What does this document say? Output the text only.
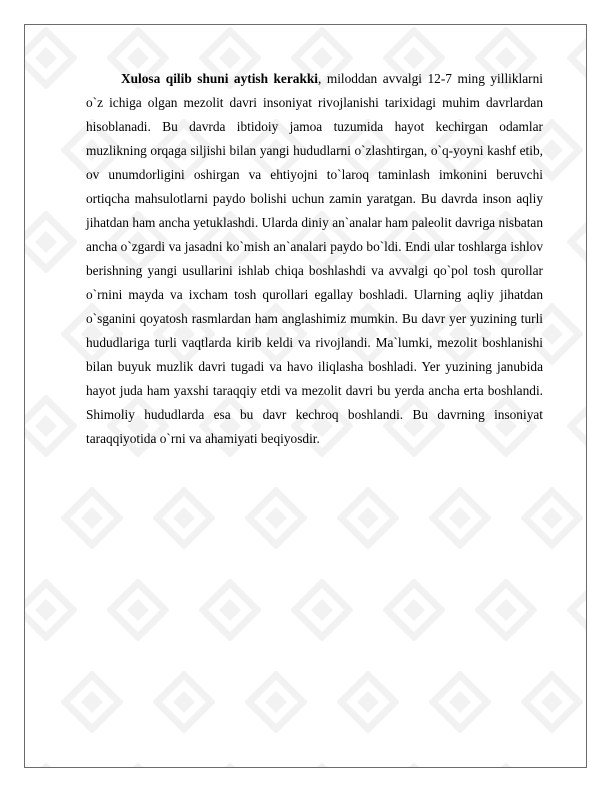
Xulosa qilib shuni aytish kerakki, miloddan avvalgi 12-7 ming yilliklarni o`z ichiga olgan mezolit davri insoniyat rivojlanishi tarixidagi muhim davrlardan hisoblanadi. Bu davrda ibtidoiy jamoa tuzumida hayot kechirgan odamlar muzlikning orqaga siljishi bilan yangi hududlarni o`zlashtirgan, o`q-yoyni kashf etib, ov unumdorligini oshirgan va ehtiyojni to`laroq taminlash imkonini beruvchi ortiqcha mahsulotlarni paydo bolishi uchun zamin yaratgan. Bu davrda inson aqliy jihatdan ham ancha yetuklashdi. Ularda diniy an`analar ham paleolit davriga nisbatan ancha o`zgardi va jasadni ko`mish an`analari paydo bo`ldi. Endi ular toshlarga ishlov berishning yangi usullarini ishlab chiqa boshlashdi va avvalgi qo`pol tosh qurollar o`rnini mayda va ixcham tosh qurollari egallay boshladi. Ularning aqliy jihatdan o`sganini qoyatosh rasmlardan ham anglashimiz mumkin. Bu davr yer yuzining turli hududlariga turli vaqtlarda kirib keldi va rivojlandi. Ma`lumki, mezolit boshlanishi bilan buyuk muzlik davri tugadi va havo iliqlasha boshladi. Yer yuzining janubida hayot juda ham yaxshi taraqqiy etdi va mezolit davri bu yerda ancha erta boshlandi. Shimoliy hududlarda esa bu davr kechroq boshlandi. Bu davrning insoniyat taraqqiyotida o`rni va ahamiyati beqiyosdir.
